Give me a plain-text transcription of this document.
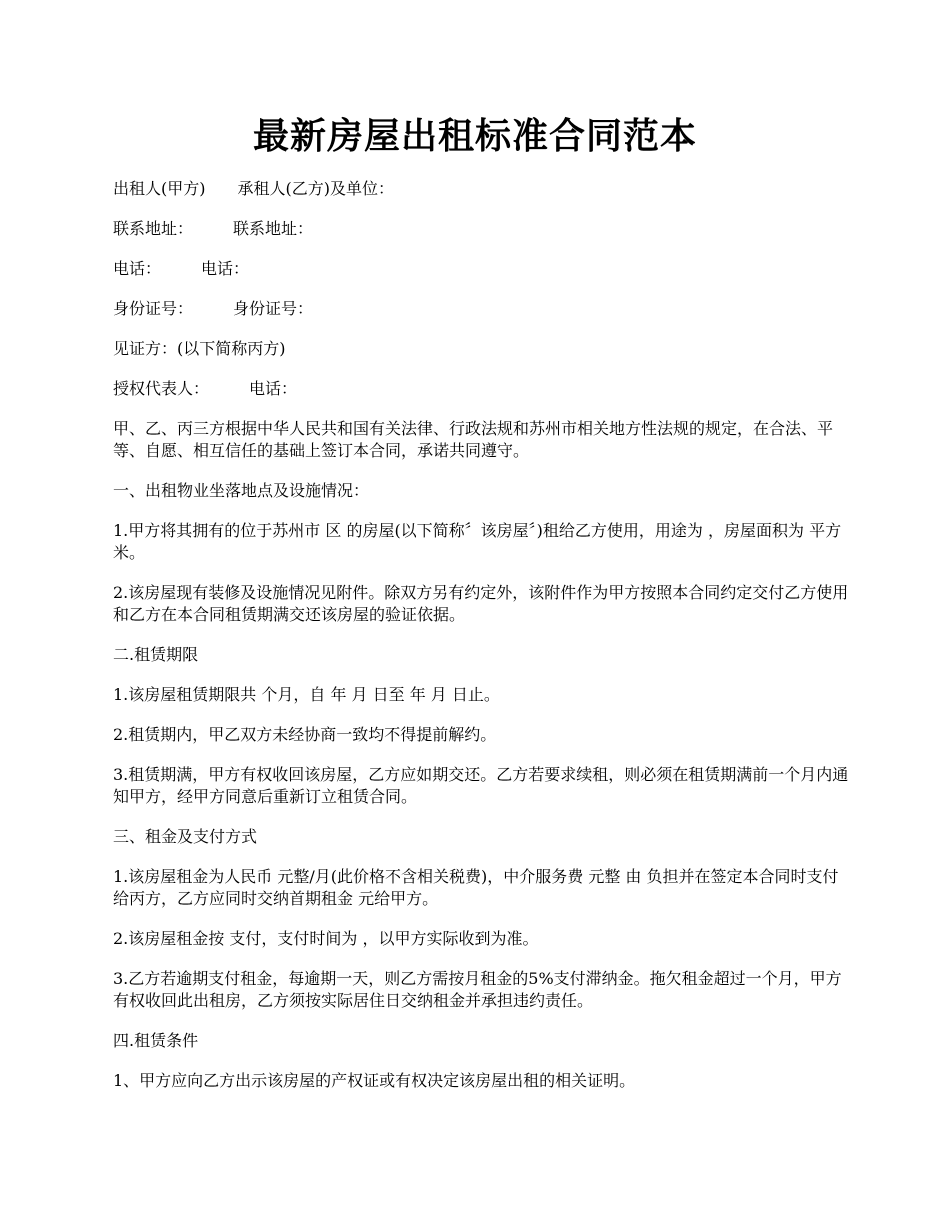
最新房屋出租标准合同范本

出租人(甲方)　　承租人(乙方)及单位：

联系地址：　　　联系地址：

电话：　　　电话：

身份证号：　　　身份证号：

见证方：(以下简称丙方)

授权代表人：　　　电话：

甲、乙、丙三方根据中华人民共和国有关法律、行政法规和苏州市相关地方性法规的规定，在合法、平等、自愿、相互信任的基础上签订本合同，承诺共同遵守。

一、出租物业坐落地点及设施情况：

1.甲方将其拥有的位于苏州市 区 的房屋(以下简称〞该房屋〞)租给乙方使用，用途为 ，房屋面积为 平方米。

2.该房屋现有装修及设施情况见附件。除双方另有约定外，该附件作为甲方按照本合同约定交付乙方使用和乙方在本合同租赁期满交还该房屋的验证依据。

二.租赁期限

1.该房屋租赁期限共 个月，自 年 月 日至 年 月 日止。

2.租赁期内，甲乙双方未经协商一致均不得提前解约。

3.租赁期满，甲方有权收回该房屋，乙方应如期交还。乙方若要求续租，则必须在租赁期满前一个月内通知甲方，经甲方同意后重新订立租赁合同。

三、租金及支付方式

1.该房屋租金为人民币 元整/月(此价格不含相关税费)，中介服务费 元整 由 负担并在签定本合同时支付给丙方，乙方应同时交纳首期租金 元给甲方。

2.该房屋租金按 支付，支付时间为 ，以甲方实际收到为准。

3.乙方若逾期支付租金，每逾期一天，则乙方需按月租金的5%支付滞纳金。拖欠租金超过一个月，甲方有权收回此出租房，乙方须按实际居住日交纳租金并承担违约责任。

四.租赁条件

1、甲方应向乙方出示该房屋的产权证或有权决定该房屋出租的相关证明。
